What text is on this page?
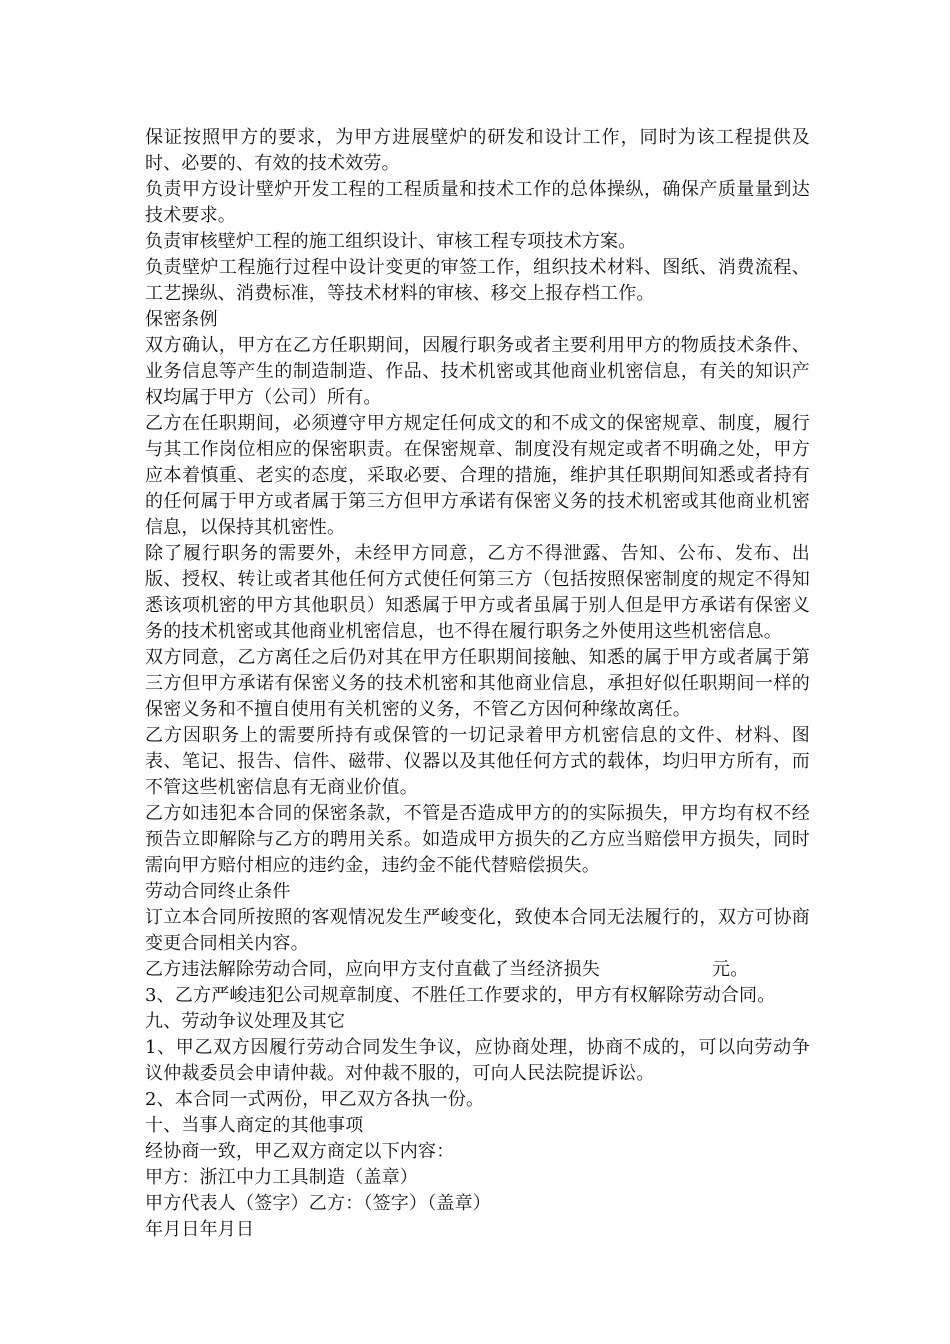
保证按照甲方的要求，为甲方进展壁炉的研发和设计工作，同时为该工程提供及时、必要的、有效的技术效劳。

负责甲方设计壁炉开发工程的工程质量和技术工作的总体操纵，确保产质量量到达技术要求。

负责审核壁炉工程的施工组织设计、审核工程专项技术方案。

负责壁炉工程施行过程中设计变更的审签工作，组织技术材料、图纸、消费流程、工艺操纵、消费标准，等技术材料的审核、移交上报存档工作。

保密条例

双方确认，甲方在乙方任职期间，因履行职务或者主要利用甲方的物质技术条件、业务信息等产生的制造制造、作品、技术机密或其他商业机密信息，有关的知识产权均属于甲方（公司）所有。

乙方在任职期间，必须遵守甲方规定任何成文的和不成文的保密规章、制度，履行与其工作岗位相应的保密职责。在保密规章、制度没有规定或者不明确之处，甲方应本着慎重、老实的态度，采取必要、合理的措施，维护其任职期间知悉或者持有的任何属于甲方或者属于第三方但甲方承诺有保密义务的技术机密或其他商业机密信息，以保持其机密性。

除了履行职务的需要外，未经甲方同意，乙方不得泄露、告知、公布、发布、出版、授权、转让或者其他任何方式使任何第三方（包括按照保密制度的规定不得知悉该项机密的甲方其他职员）知悉属于甲方或者虽属于别人但是甲方承诺有保密义务的技术机密或其他商业机密信息，也不得在履行职务之外使用这些机密信息。

双方同意，乙方离任之后仍对其在甲方任职期间接触、知悉的属于甲方或者属于第三方但甲方承诺有保密义务的技术机密和其他商业信息，承担好似任职期间一样的保密义务和不擅自使用有关机密的义务，不管乙方因何种缘故离任。

乙方因职务上的需要所持有或保管的一切记录着甲方机密信息的文件、材料、图表、笔记、报告、信件、磁带、仪器以及其他任何方式的载体，均归甲方所有，而不管这些机密信息有无商业价值。

乙方如违犯本合同的保密条款，不管是否造成甲方的的实际损失，甲方均有权不经预告立即解除与乙方的聘用关系。如造成甲方损失的乙方应当赔偿甲方损失，同时需向甲方赔付相应的违约金，违约金不能代替赔偿损失。

劳动合同终止条件

订立本合同所按照的客观情况发生严峻变化，致使本合同无法履行的，双方可协商变更合同相关内容。

乙方违法解除劳动合同，应向甲方支付直截了当经济损失	元。

3、乙方严峻违犯公司规章制度、不胜任工作要求的，甲方有权解除劳动合同。

九、劳动争议处理及其它

1、甲乙双方因履行劳动合同发生争议，应协商处理，协商不成的，可以向劳动争议仲裁委员会申请仲裁。对仲裁不服的，可向人民法院提诉讼。

2、本合同一式两份，甲乙双方各执一份。

十、当事人商定的其他事项

经协商一致，甲乙双方商定以下内容：

甲方：浙江中力工具制造（盖章）

甲方代表人（签字）乙方：（签字）（盖章）

年月日年月日
